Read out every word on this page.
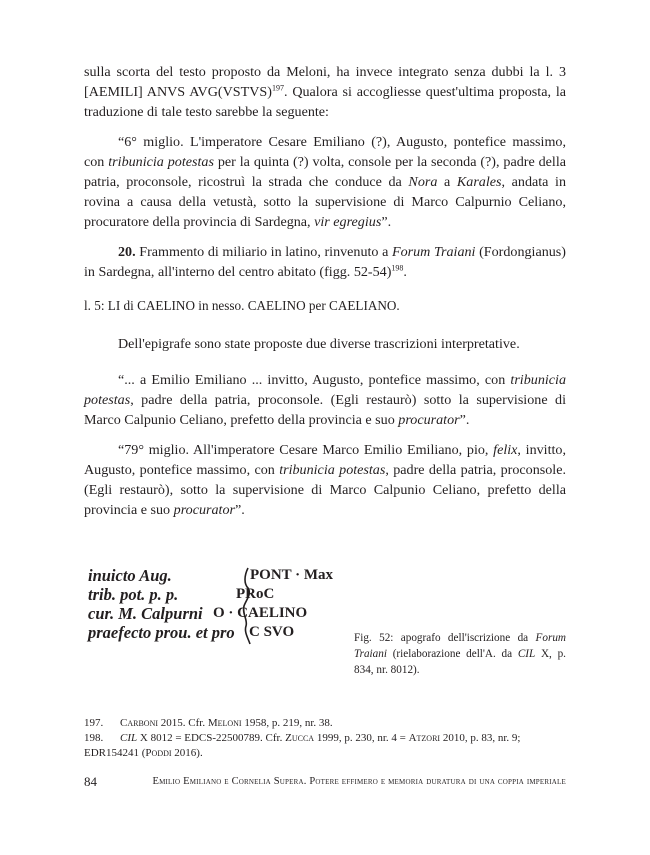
sulla scorta del testo proposto da Meloni, ha invece integrato senza dubbi la l. 3 [AEMILI] ANVS AVG(VSTVS)$^{197}$. Qualora si accogliesse quest'ultima proposta, la traduzione di tale testo sarebbe la seguente:

“6° miglio. L'imperatore Cesare Emiliano (?), Augusto, pontefice massimo, con tribunicia potestas per la quinta (?) volta, console per la seconda (?), padre della patria, proconsole, ricostruì la strada che conduce da Nora a Karales, andata in rovina a causa della vetustà, sotto la supervisione di Marco Calpurnio Celiano, procuratore della provincia di Sardegna, vir egregius”.

20. Frammento di miliario in latino, rinvenuto a Forum Traiani (Fordongianus) in Sardegna, all'interno del centro abitato (figg. 52-54)$^{198}$.

l. 5: LI di CAELINO in nesso. CAELINO per CAELIANO.

Dell'epigrafe sono state proposte due diverse trascrizioni interpretative.

“... a Emilio Emiliano ... invitto, Augusto, pontefice massimo, con tribunicia potestas, padre della patria, proconsole. (Egli restaurò) sotto la supervisione di Marco Calpunio Celiano, prefetto della provincia e suo procurator”.

“79° miglio. All'imperatore Cesare Marco Emilio Emiliano, pio, felix, invitto, Augusto, pontefice massimo, con tribunicia potestas, padre della patria, proconsole. (Egli restaurò), sotto la supervisione di Marco Calpunio Celiano, prefetto della provincia e suo procurator”.

inuicto Aug.
trib. pot. p. p.
cur. M. Calpurni
praefecto prou. et pro
PONT · Max
PRoC
O · CAELINO
C SVO	Fig. 52: apografo dell'iscrizione da Forum Traiani (rielaborazione dell'A. da CIL X, p. 834, nr. 8012).
197. Carboni 2015. Cfr. Meloni 1958, p. 219, nr. 38.
198. CIL X 8012 = EDCS-22500789. Cfr. Zucca 1999, p. 230, nr. 4 = Atzori 2010, p. 83, nr. 9; EDR154241 (Poddi 2016).
84	Emilio Emiliano e Cornelia Supera. Potere effimero e memoria duratura di una coppia imperiale
